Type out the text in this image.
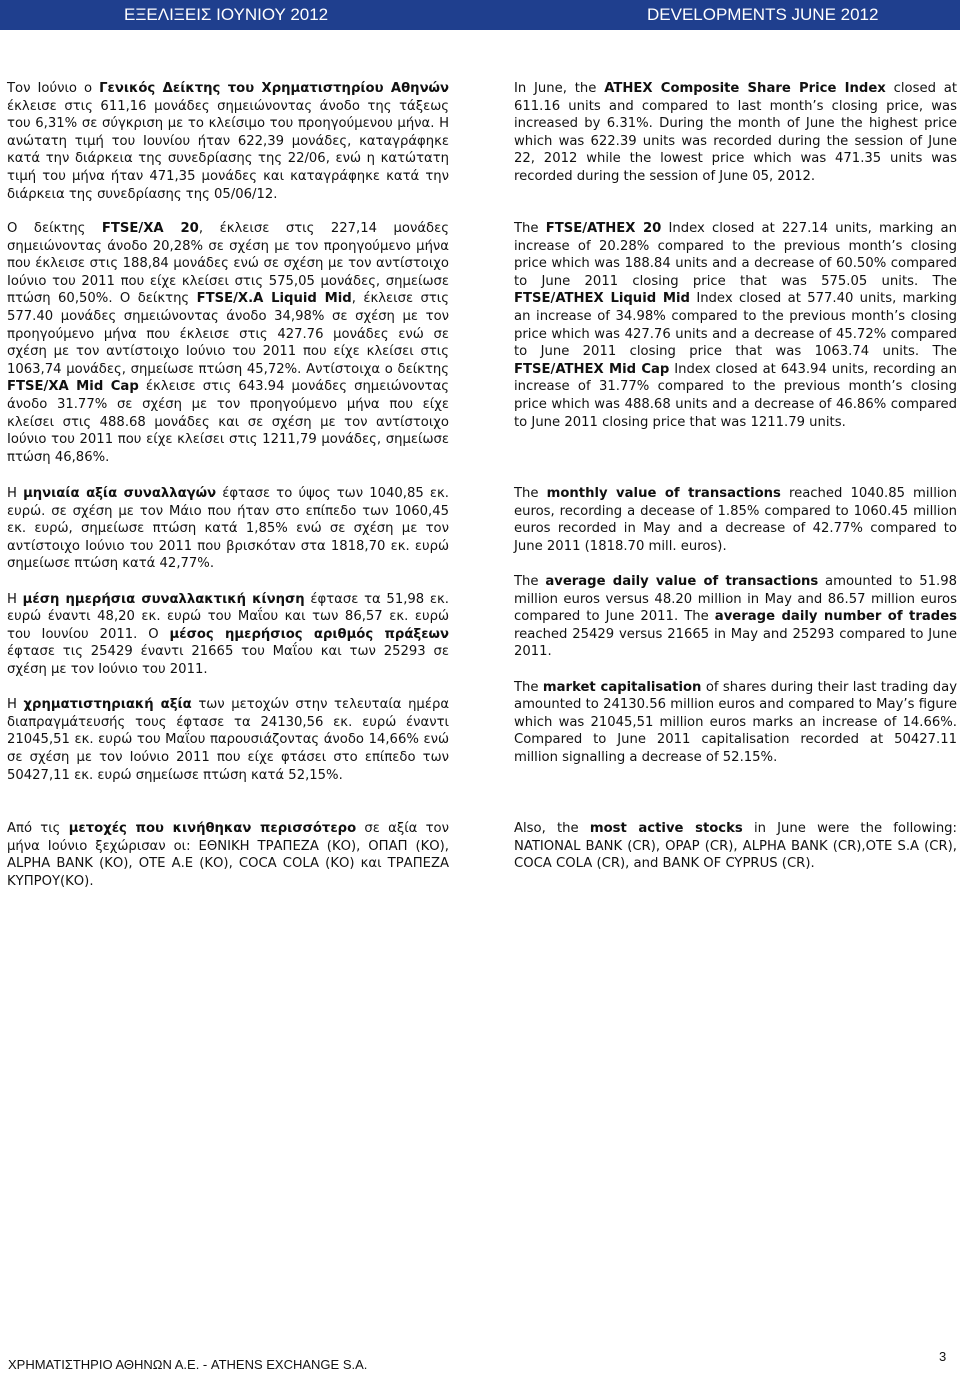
ΕΞΕΛΙΞΕΙΣ ΙΟΥΝΙΟΥ 2012	DEVELOPMENTS JUNE 2012

Τον Ιούνιο ο Γενικός Δείκτης του Χρηματιστηρίου Αθηνών έκλεισε στις 611,16 μονάδες σημειώνοντας άνοδο της τάξεως του 6,31% σε σύγκριση με το κλείσιμο του προηγούμενου μήνα. Η ανώτατη τιμή του Ιουνίου ήταν 622,39 μονάδες, καταγράφηκε κατά την διάρκεια της συνεδρίασης της 22/06, ενώ η κατώτατη τιμή του μήνα ήταν 471,35 μονάδες και καταγράφηκε κατά την διάρκεια της συνεδρίασης της 05/06/12.

In June, the ATHEX Composite Share Price Index closed at 611.16 units and compared to last month’s closing price, was increased by 6.31%. During the month of June the highest price which was 622.39 units was recorded during the session of June 22, 2012 while the lowest price which was 471.35 units was recorded during the session of June 05, 2012.

Ο δείκτης FTSE/XA 20, έκλεισε στις 227,14 μονάδες σημειώνοντας άνοδο 20,28% σε σχέση με τον προηγούμενο μήνα που έκλεισε στις 188,84 μονάδες ενώ σε σχέση με τον αντίστοιχο Ιούνιο του 2011 που είχε κλείσει στις 575,05 μονάδες, σημείωσε πτώση 60,50%. Ο δείκτης FTSE/X.A Liquid Mid, έκλεισε στις 577.40 μονάδες σημειώνοντας άνοδο 34,98% σε σχέση με τον προηγούμενο μήνα που έκλεισε στις 427.76 μονάδες ενώ σε σχέση με τον αντίστοιχο Ιούνιο του 2011 που είχε κλείσει στις 1063,74 μονάδες, σημείωσε πτώση 45,72%. Αντίστοιχα ο δείκτης FTSE/XA Mid Cap έκλεισε στις 643.94 μονάδες σημειώνοντας άνοδο 31.77% σε σχέση με τον προηγούμενο μήνα που είχε κλείσει στις 488.68 μονάδες και σε σχέση με τον αντίστοιχο Ιούνιο του 2011 που είχε κλείσει στις 1211,79 μονάδες, σημείωσε πτώση 46,86%.

The FTSE/ATHEX 20 Index closed at 227.14 units, marking an increase of 20.28% compared to the previous month’s closing price which was 188.84 units and a decrease of 60.50% compared to June 2011 closing price that was 575.05 units. The FTSE/ATHEX Liquid Mid Index closed at 577.40 units, marking an increase of 34.98% compared to the previous month’s closing price which was 427.76 units and a decrease of 45.72% compared to June 2011 closing price that was 1063.74 units. The FTSE/ATHEX Mid Cap Index closed at 643.94 units, recording an increase of 31.77% compared to the previous month’s closing price which was 488.68 units and a decrease of 46.86% compared to June 2011 closing price that was 1211.79 units.

Η μηνιαία αξία συναλλαγών έφτασε το ύψος των 1040,85 εκ. ευρώ. σε σχέση με τον Μάιο που ήταν στο επίπεδο των 1060,45 εκ. ευρώ, σημείωσε πτώση κατά 1,85% ενώ σε σχέση με τον αντίστοιχο Ιούνιο του 2011 που βρισκόταν στα 1818,70 εκ. ευρώ σημείωσε πτώση κατά 42,77%.

Η μέση ημερήσια συναλλακτική κίνηση έφτασε τα 51,98 εκ. ευρώ έναντι 48,20 εκ. ευρώ του Μαΐου και των 86,57 εκ. ευρώ του Ιουνίου 2011. Ο μέσος ημερήσιος αριθμός πράξεων έφτασε τις 25429 έναντι 21665 του Μαΐου και των 25293 σε σχέση με τον Ιούνιο του 2011.

Η χρηματιστηριακή αξία των μετοχών στην τελευταία ημέρα διαπραγμάτευσής τους έφτασε τα 24130,56 εκ. ευρώ έναντι 21045,51 εκ. ευρώ του Μαΐου παρουσιάζοντας άνοδο 14,66% ενώ σε σχέση με τον Ιούνιο 2011 που είχε φτάσει στο επίπεδο των 50427,11 εκ. ευρώ σημείωσε πτώση κατά 52,15%.

The monthly value of transactions reached 1040.85 million euros, recording a decease of 1.85% compared to 1060.45 million euros recorded in May and a decrease of 42.77% compared to June 2011 (1818.70 mill. euros).

The average daily value of transactions amounted to 51.98 million euros versus 48.20 million in May and 86.57 million euros compared to June 2011. The average daily number of trades reached 25429 versus 21665 in May and 25293 compared to June 2011.

The market capitalisation of shares during their last trading day amounted to 24130.56 million euros and compared to May’s figure which was 21045,51 million euros marks an increase of 14.66%. Compared to June 2011 capitalisation recorded at 50427.11 million signalling a decrease of 52.15%.

Από τις μετοχές που κινήθηκαν περισσότερο σε αξία τον μήνα Ιούνιο ξεχώρισαν οι: ΕΘΝΙΚΗ ΤΡΑΠΕΖΑ (ΚΟ), ΟΠΑΠ (ΚΟ), ALPHA BANK (ΚΟ), ΟΤΕ Α.Ε (ΚΟ), COCA COLA (ΚΟ) και ΤΡΑΠΕΖΑ ΚΥΠΡΟΥ(ΚΟ).

Also, the most active stocks in June were the following: NATIONAL BANK (CR), OPAP (CR), ALPHA BANK (CR),OTE S.A (CR), COCA COLA (CR), and BANK OF CYPRUS (CR).

ΧΡΗΜΑΤΙΣΤΗΡΙΟ ΑΘΗΝΩΝ Α.Ε. - ATHENS EXCHANGE S.A.
3
